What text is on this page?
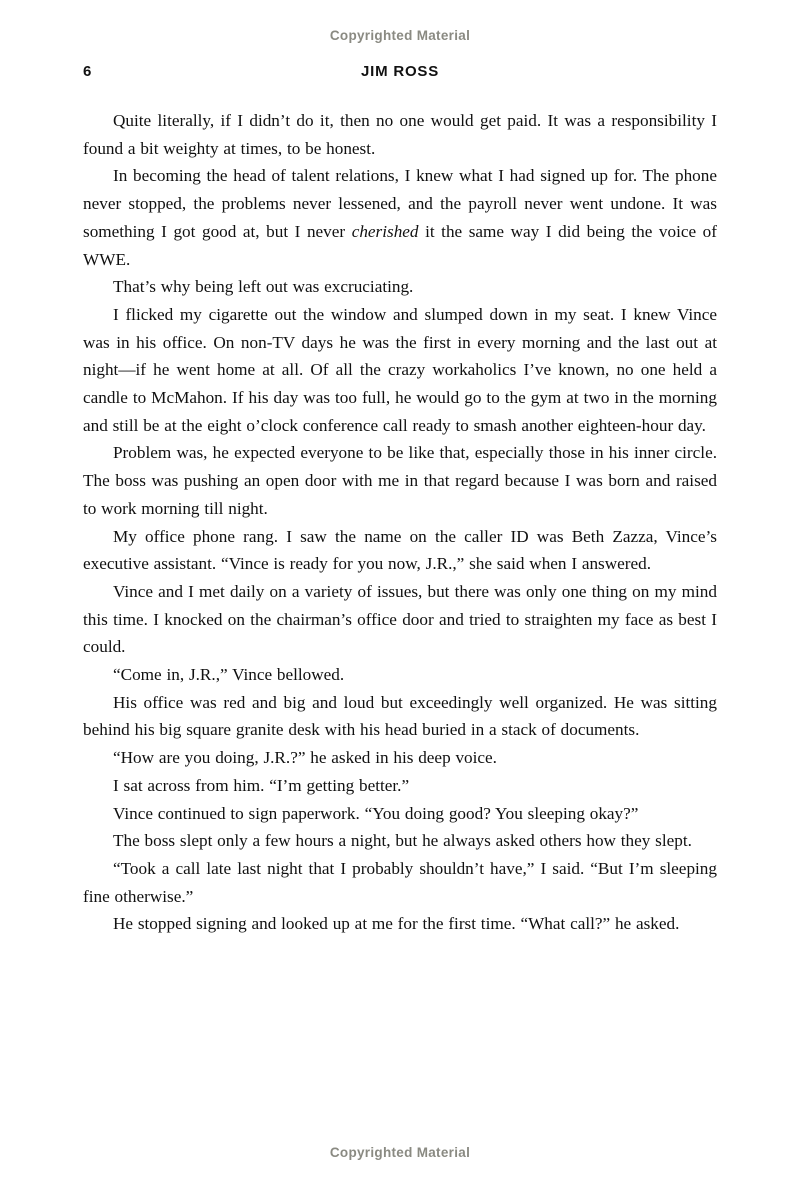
Copyrighted Material
6	JIM ROSS

Quite literally, if I didn’t do it, then no one would get paid. It was a responsibility I found a bit weighty at times, to be honest.

In becoming the head of talent relations, I knew what I had signed up for. The phone never stopped, the problems never lessened, and the payroll never went undone. It was something I got good at, but I never cherished it the same way I did being the voice of WWE.

That’s why being left out was excruciating.

I flicked my cigarette out the window and slumped down in my seat. I knew Vince was in his office. On non-TV days he was the first in every morning and the last out at night—if he went home at all. Of all the crazy workaholics I’ve known, no one held a candle to McMahon. If his day was too full, he would go to the gym at two in the morning and still be at the eight o’clock conference call ready to smash another eighteen-hour day.

Problem was, he expected everyone to be like that, especially those in his inner circle. The boss was pushing an open door with me in that regard because I was born and raised to work morning till night.

My office phone rang. I saw the name on the caller ID was Beth Zazza, Vince’s executive assistant. “Vince is ready for you now, J.R.,” she said when I answered.

Vince and I met daily on a variety of issues, but there was only one thing on my mind this time. I knocked on the chairman’s office door and tried to straighten my face as best I could.

“Come in, J.R.,” Vince bellowed.

His office was red and big and loud but exceedingly well organized. He was sitting behind his big square granite desk with his head buried in a stack of documents.

“How are you doing, J.R.?” he asked in his deep voice.

I sat across from him. “I’m getting better.”

Vince continued to sign paperwork. “You doing good? You sleeping okay?”

The boss slept only a few hours a night, but he always asked others how they slept.

“Took a call late last night that I probably shouldn’t have,” I said. “But I’m sleeping fine otherwise.”

He stopped signing and looked up at me for the first time. “What call?” he asked.

Copyrighted Material
